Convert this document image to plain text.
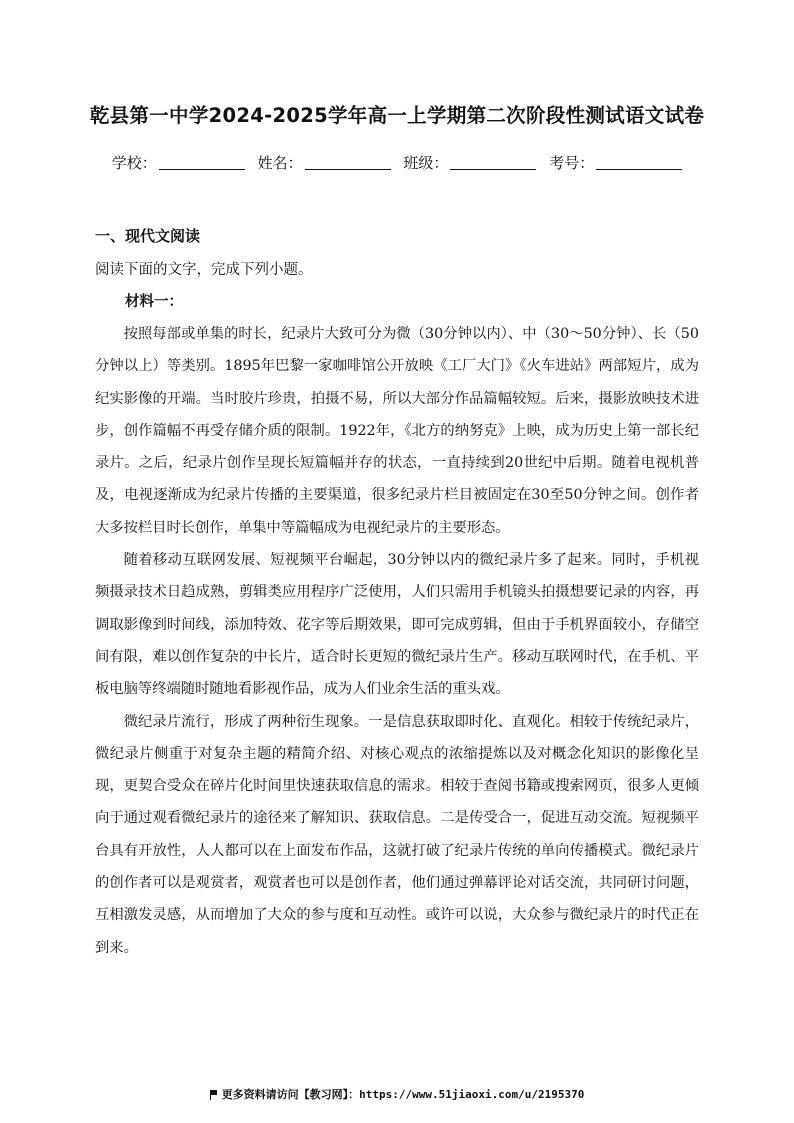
乾县第一中学2024-2025学年高一上学期第二次阶段性测试语文试卷
学校：	姓名：	班级：	考号：
一、现代文阅读
阅读下面的文字，完成下列小题。
材料一：

按照每部或单集的时长，纪录片大致可分为微（30分钟以内）、中（30～50分钟）、长（50分钟以上）等类别。1895年巴黎一家咖啡馆公开放映《工厂大门》《火车进站》两部短片，成为纪实影像的开端。当时胶片珍贵，拍摄不易，所以大部分作品篇幅较短。后来，摄影放映技术进步，创作篇幅不再受存储介质的限制。1922年，《北方的纳努克》上映，成为历史上第一部长纪录片。之后，纪录片创作呈现长短篇幅并存的状态，一直持续到20世纪中后期。随着电视机普及，电视逐渐成为纪录片传播的主要渠道，很多纪录片栏目被固定在30至50分钟之间。创作者大多按栏目时长创作，单集中等篇幅成为电视纪录片的主要形态。

随着移动互联网发展、短视频平台崛起，30分钟以内的微纪录片多了起来。同时，手机视频摄录技术日趋成熟，剪辑类应用程序广泛使用，人们只需用手机镜头拍摄想要记录的内容，再调取影像到时间线，添加特效、花字等后期效果，即可完成剪辑，但由于手机界面较小，存储空间有限，难以创作复杂的中长片，适合时长更短的微纪录片生产。移动互联网时代，在手机、平板电脑等终端随时随地看影视作品，成为人们业余生活的重头戏。

微纪录片流行，形成了两种衍生现象。一是信息获取即时化、直观化。相较于传统纪录片，微纪录片侧重于对复杂主题的精简介绍、对核心观点的浓缩提炼以及对概念化知识的影像化呈现，更契合受众在碎片化时间里快速获取信息的需求。相较于查阅书籍或搜索网页，很多人更倾向于通过观看微纪录片的途径来了解知识、获取信息。二是传受合一，促进互动交流。短视频平台具有开放性，人人都可以在上面发布作品，这就打破了纪录片传统的单向传播模式。微纪录片的创作者可以是观赏者，观赏者也可以是创作者，他们通过弹幕评论对话交流，共同研讨问题，互相激发灵感，从而增加了大众的参与度和互动性。或许可以说，大众参与微纪录片的时代正在到来。

更多资料请访问【教习网】：https://www.51jiaoxi.com/u/2195370
